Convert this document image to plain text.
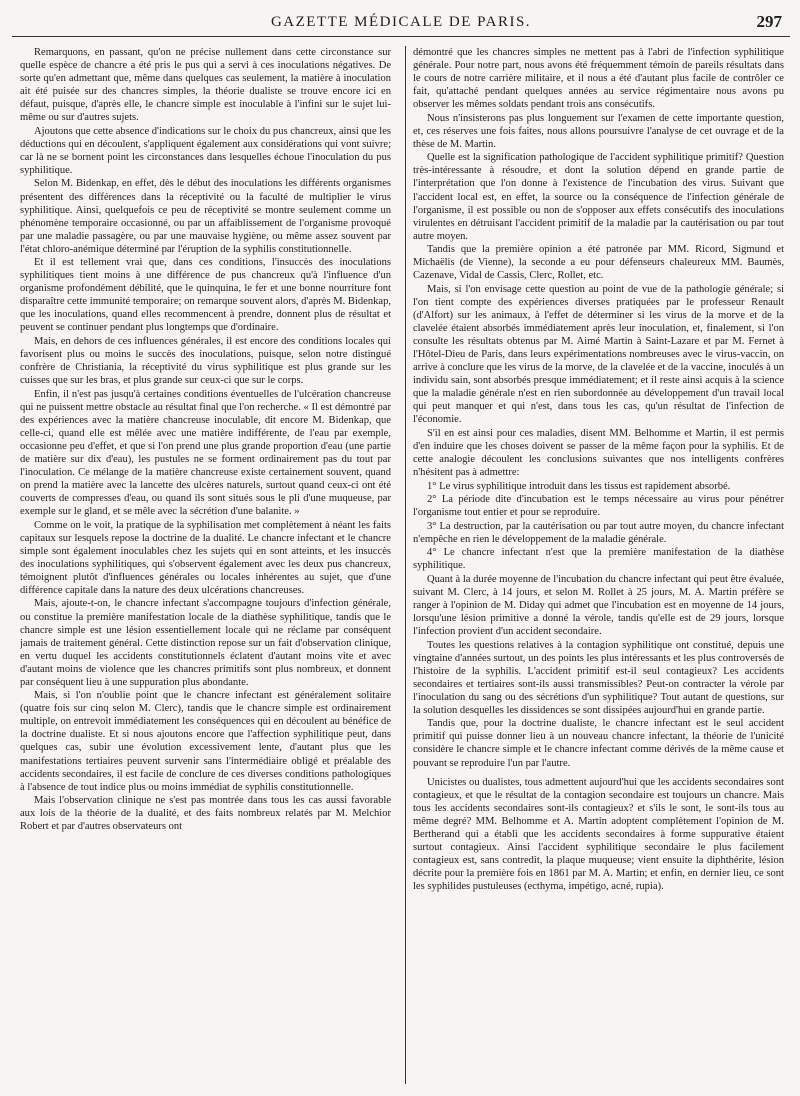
GAZETTE MÉDICALE DE PARIS.	297

Remarquons, en passant, qu'on ne précise nullement dans cette circonstance sur quelle espèce de chancre a été pris le pus qui a servi à ces inoculations négatives. De sorte qu'en admettant que, même dans quelques cas seulement, la matière à inoculation ait été puisée sur des chancres simples, la théorie dualiste se trouve encore ici en défaut, puisque, d'après elle, le chancre simple est inoculable à l'infini sur le sujet lui-même ou sur d'autres sujets.

Ajoutons que cette absence d'indications sur le choix du pus chancreux, ainsi que les déductions qui en découlent, s'appliquent également aux considérations qui vont suivre; car là ne se bornent point les circonstances dans lesquelles échoue l'inoculation du pus syphilitique.

Selon M. Bidenkap, en effet, dès le début des inoculations les différents organismes présentent des différences dans la réceptivité ou la faculté de multiplier le virus syphilitique. Ainsi, quelquefois ce peu de réceptivité se montre seulement comme un phénomène temporaire occasionné, ou par un affaiblissement de l'organisme provoqué par une maladie passagère, ou par une mauvaise hygiène, ou même assez souvent par l'état chloro-anémique déterminé par l'éruption de la syphilis constitutionnelle.

Et il est tellement vrai que, dans ces conditions, l'insuccès des inoculations syphilitiques tient moins à une différence de pus chancreux qu'à l'influence d'un organisme profondément débilité, que le quinquina, le fer et une bonne nourriture font disparaître cette immunité temporaire; on remarque souvent alors, d'après M. Bidenkap, que les inoculations, quand elles recommencent à prendre, donnent plus de résultat et peuvent se continuer pendant plus longtemps que d'ordinaire.

Mais, en dehors de ces influences générales, il est encore des conditions locales qui favorisent plus ou moins le succès des inoculations, puisque, selon notre distingué confrère de Christiania, la réceptivité du virus syphilitique est plus grande sur les cuisses que sur les bras, et plus grande sur ceux-ci que sur le corps.

Enfin, il n'est pas jusqu'à certaines conditions éventuelles de l'ulcération chancreuse qui ne puissent mettre obstacle au résultat final que l'on recherche. « Il est démontré par des expériences avec la matière chancreuse inoculable, dit encore M. Bidenkap, que celle-ci, quand elle est mêlée avec une matière indifférente, de l'eau par exemple, occasionne peu d'effet, et que si l'on prend une plus grande proportion d'eau (une partie de matière sur dix d'eau), les pustules ne se forment ordinairement pas du tout par l'inoculation. Ce mélange de la matière chancreuse existe certainement souvent, quand on prend la matière avec la lancette des ulcères naturels, surtout quand ceux-ci ont été couverts de compresses d'eau, ou quand ils sont situés sous le pli d'une muqueuse, par exemple sur le gland, et se mêle avec la sécrétion d'une balanite. »

Comme on le voit, la pratique de la syphilisation met complètement à néant les faits capitaux sur lesquels repose la doctrine de la dualité. Le chancre infectant et le chancre simple sont également inoculables chez les sujets qui en sont atteints, et les insuccès des inoculations syphilitiques, qui s'observent également avec les deux pus chancreux, témoignent plutôt d'influences générales ou locales inhérentes au sujet, que d'une différence capitale dans la nature des deux ulcérations chancreuses.

Mais, ajoute-t-on, le chancre infectant s'accompagne toujours d'infection générale, ou constitue la première manifestation locale de la diathèse syphilitique, tandis que le chancre simple est une lésion essentiellement locale qui ne réclame par conséquent jamais de traitement général. Cette distinction repose sur un fait d'observation clinique, en vertu duquel les accidents constitutionnels éclatent d'autant moins vite et avec d'autant moins de violence que les chancres primitifs sont plus nombreux, et donnent par conséquent lieu à une suppuration plus abondante.

Mais, si l'on n'oublie point que le chancre infectant est généralement solitaire (quatre fois sur cinq selon M. Clerc), tandis que le chancre simple est ordinairement multiple, on entrevoit immédiatement les conséquences qui en découlent au bénéfice de la doctrine dualiste. Et si nous ajoutons encore que l'affection syphilitique peut, dans quelques cas, subir une évolution excessivement lente, d'autant plus que les manifestations tertiaires peuvent survenir sans l'intermédiaire obligé et préalable des accidents secondaires, il est facile de conclure de ces diverses conditions pathologiques à l'absence de tout indice plus ou moins immédiat de syphilis constitutionnelle.

Mais l'observation clinique ne s'est pas montrée dans tous les cas aussi favorable aux lois de la théorie de la dualité, et des faits nombreux relatés par M. Melchior Robert et par d'autres observateurs ont

démontré que les chancres simples ne mettent pas à l'abri de l'infection syphilitique générale. Pour notre part, nous avons été fréquemment témoin de pareils résultats dans le cours de notre carrière militaire, et il nous a été d'autant plus facile de contrôler ce fait, qu'attaché pendant quelques années au service régimentaire nous avons pu observer les mêmes soldats pendant trois ans consécutifs.

Nous n'insisterons pas plus longuement sur l'examen de cette importante question, et, ces réserves une fois faites, nous allons poursuivre l'analyse de cet ouvrage et de la thèse de M. Martin.

Quelle est la signification pathologique de l'accident syphilitique primitif? Question très-intéressante à résoudre, et dont la solution dépend en grande partie de l'interprétation que l'on donne à l'existence de l'incubation des virus. Suivant que l'accident local est, en effet, la source ou la conséquence de l'infection générale de l'organisme, il est possible ou non de s'opposer aux effets consécutifs des inoculations virulentes en détruisant l'accident primitif de la maladie par la cautérisation ou par tout autre moyen.

Tandis que la première opinion a été patronée par MM. Ricord, Sigmund et Michaëlis (de Vienne), la seconde a eu pour défenseurs chaleureux MM. Baumès, Cazenave, Vidal de Cassis, Clerc, Rollet, etc.

Mais, si l'on envisage cette question au point de vue de la pathologie générale; si l'on tient compte des expériences diverses pratiquées par le professeur Renault (d'Alfort) sur les animaux, à l'effet de déterminer si les virus de la morve et de la clavelée étaient absorbés immédiatement après leur inoculation, et, finalement, si l'on consulte les résultats obtenus par M. Aimé Martin à Saint-Lazare et par M. Fernet à l'Hôtel-Dieu de Paris, dans leurs expérimentations nombreuses avec le virus-vaccin, on arrive à conclure que les virus de la morve, de la clavelée et de la vaccine, inoculés à un individu sain, sont absorbés presque immédiatement; et il reste ainsi acquis à la science que la maladie générale n'est en rien subordonnée au développement d'un travail local qui peut manquer et qui n'est, dans tous les cas, qu'un résultat de l'infection de l'économie.

S'il en est ainsi pour ces maladies, disent MM. Belhomme et Martin, il est permis d'en induire que les choses doivent se passer de la même façon pour la syphilis. Et de cette analogie découlent les conclusions suivantes que nos intelligents confrères n'hésitent pas à admettre:

1° Le virus syphilitique introduit dans les tissus est rapidement absorbé.

2° La période dite d'incubation est le temps nécessaire au virus pour pénétrer l'organisme tout entier et pour se reproduire.

3° La destruction, par la cautérisation ou par tout autre moyen, du chancre infectant n'empêche en rien le développement de la maladie générale.

4° Le chancre infectant n'est que la première manifestation de la diathèse syphilitique.

Quant à la durée moyenne de l'incubation du chancre infectant qui peut être évaluée, suivant M. Clerc, à 14 jours, et selon M. Rollet à 25 jours, M. A. Martin préfère se ranger à l'opinion de M. Diday qui admet que l'incubation est en moyenne de 14 jours, lorsqu'une lésion primitive a donné la vérole, tandis qu'elle est de 29 jours, lorsque l'infection provient d'un accident secondaire.

Toutes les questions relatives à la contagion syphilitique ont constitué, depuis une vingtaine d'années surtout, un des points les plus intéressants et les plus controversés de l'histoire de la syphilis. L'accident primitif est-il seul contagieux? Les accidents secondaires et tertiaires sont-ils aussi transmissibles? Peut-on contracter la vérole par l'inoculation du sang ou des sécrétions d'un syphilitique? Tout autant de questions, sur la solution desquelles les dissidences se sont dissipées aujourd'hui en grande partie.

Tandis que, pour la doctrine dualiste, le chancre infectant est le seul accident primitif qui puisse donner lieu à un nouveau chancre infectant, la théorie de l'unicité considère le chancre simple et le chancre infectant comme dérivés de la même cause et pouvant se reproduire l'un par l'autre.

Unicistes ou dualistes, tous admettent aujourd'hui que les accidents secondaires sont contagieux, et que le résultat de la contagion secondaire est toujours un chancre. Mais tous les accidents secondaires sont-ils contagieux? et s'ils le sont, le sont-ils tous au même degré? MM. Belhomme et A. Martin adoptent complètement l'opinion de M. Bertherand qui a établi que les accidents secondaires à forme suppurative étaient surtout contagieux. Ainsi l'accident syphilitique secondaire le plus facilement contagieux est, sans contredit, la plaque muqueuse; vient ensuite la diphthérite, lésion décrite pour la première fois en 1861 par M. A. Martin; et enfin, en dernier lieu, ce sont les syphilides pustuleuses (ecthyma, impétigo, acné, rupia).
